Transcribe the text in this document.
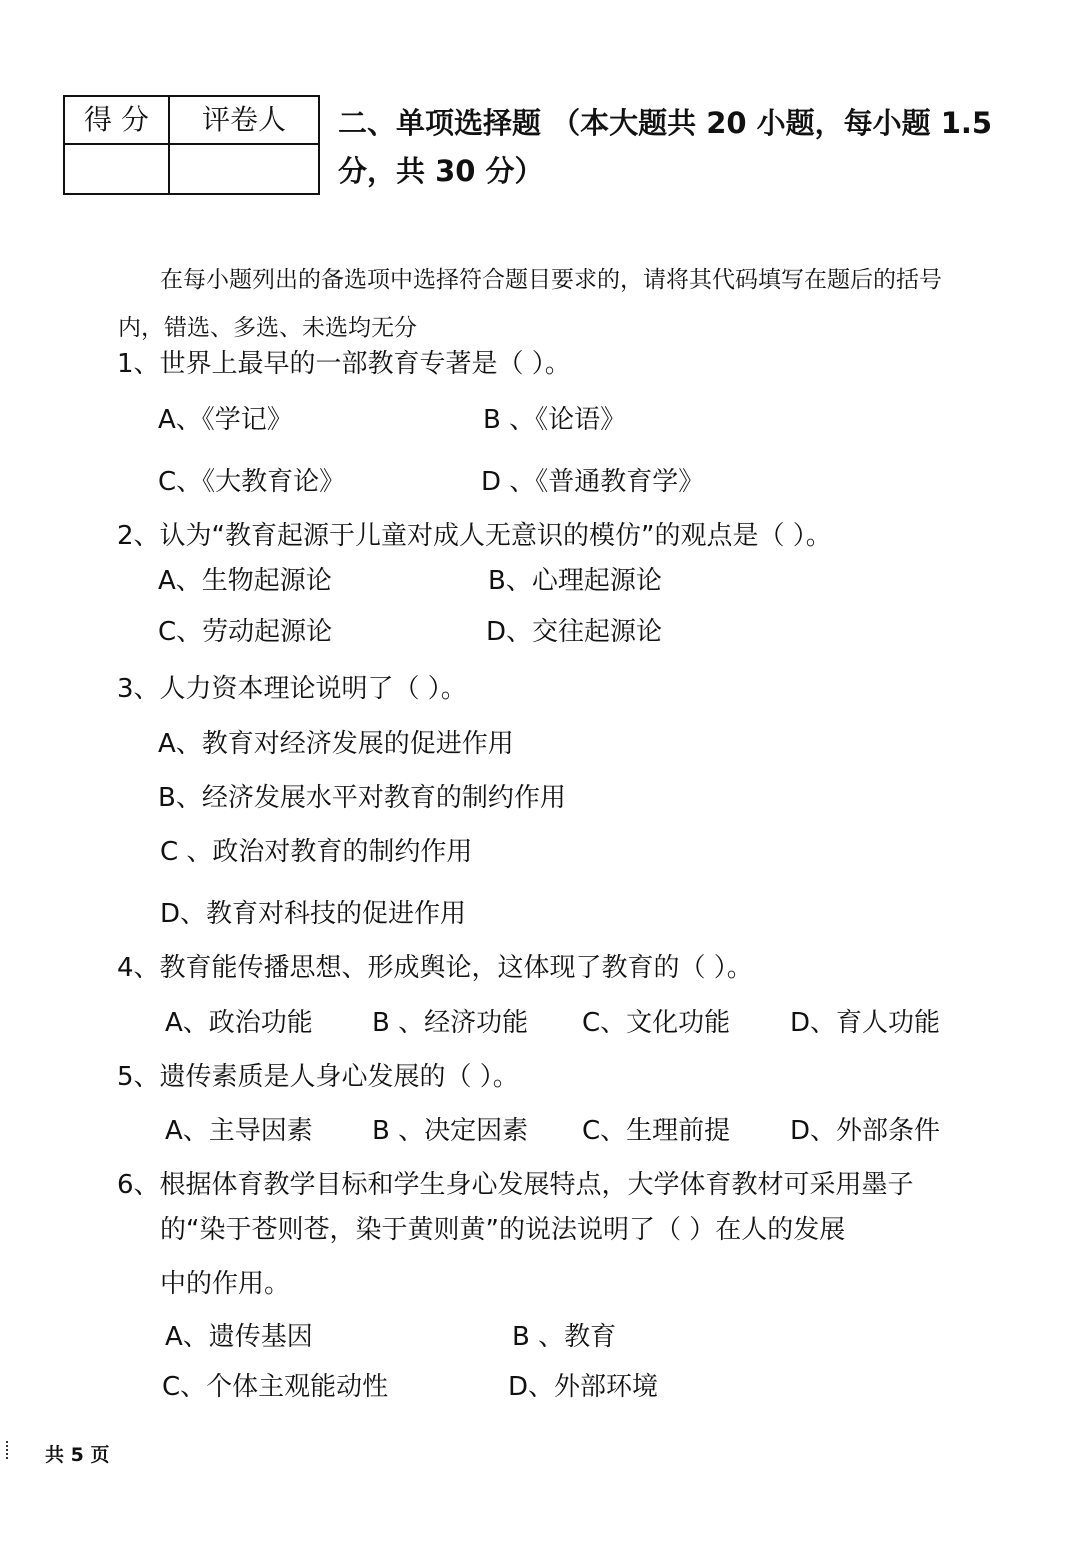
得 分	评卷人
	二、单项选择题 （本大题共 20 小题，每小题 1.5
分，共 30 分）
在每小题列出的备选项中选择符合题目要求的，请将其代码填写在题后的括号
内，错选、多选、未选均无分
1、世界上最早的一部教育专著是（ ）。
A、《学记》	B 、《论语》
C、《大教育论》	D 、《普通教育学》
2、认为“教育起源于儿童对成人无意识的模仿”的观点是（ ）。
A、生物起源论	B、心理起源论
C、劳动起源论	D、交往起源论
3、人力资本理论说明了（ ）。
A、教育对经济发展的促进作用
B、经济发展水平对教育的制约作用
C 、政治对教育的制约作用
D、教育对科技的促进作用
4、教育能传播思想、形成舆论，这体现了教育的（ ）。
A、政治功能 B 、经济功能 C、文化功能 D、育人功能
5、遗传素质是人身心发展的（ ）。
A、主导因素 B 、决定因素 C、生理前提 D、外部条件
6、根据体育教学目标和学生身心发展特点，大学体育教材可采用墨子
的“染于苍则苍，染于黄则黄”的说法说明了（ ）在人的发展
中的作用。
A、遗传基因	B 、教育
C、个体主观能动性	D、外部环境
共 5 页
